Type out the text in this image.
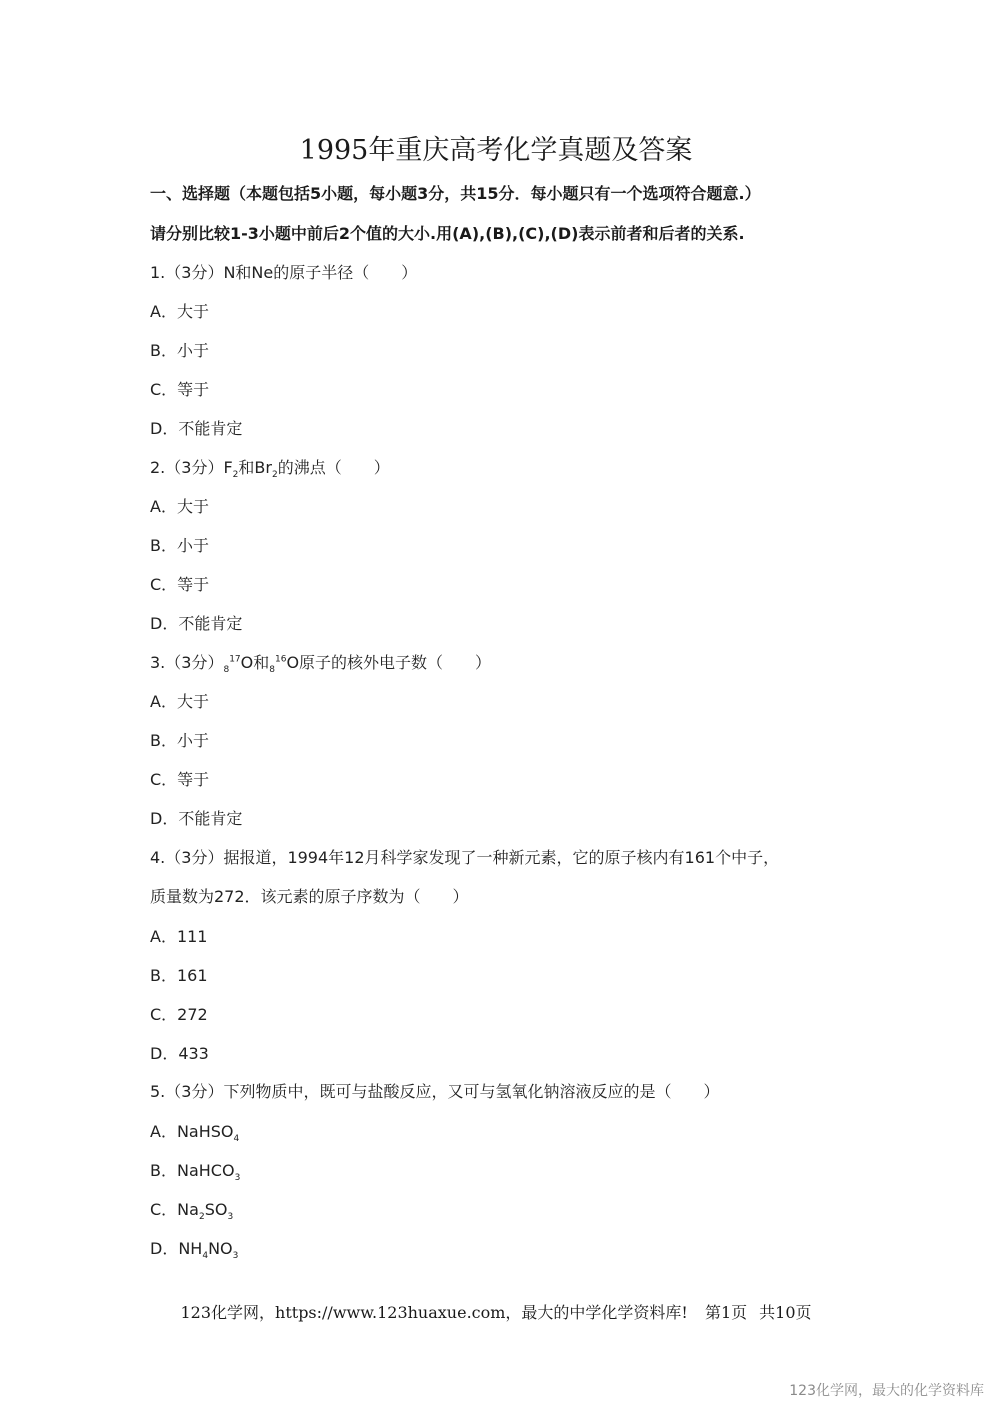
1995年重庆高考化学真题及答案
一、选择题（本题包括5小题，每小题3分，共15分．每小题只有一个选项符合题意.）
请分别比较1-3小题中前后2个值的大小.用(A),(B),(C),(D)表示前者和后者的关系.
1.（3分）N和Ne的原子半径（　　）
A．大于
B．小于
C．等于
D．不能肯定
2.（3分）$F_2$和$Br_2$的沸点（　　）
A．大于
B．小于
C．等于
D．不能肯定
3.（3分）$_8^{17}O$和$_8^{16}$O原子的核外电子数（　　）
A．大于
B．小于
C．等于
D．不能肯定
4.（3分）据报道，1994年12月科学家发现了一种新元素，它的原子核内有161个中子，
质量数为272．该元素的原子序数为（　　）
A．111
B．161
C．272
D．433
5.（3分）下列物质中，既可与盐酸反应，又可与氢氧化钠溶液反应的是（　　）
A．NaHSO$_4$
B．NaHCO$_3$
C．$Na_2SO_3$
D．$NH_4NO_3$
123化学网，https://www.123huaxue.com，最大的中学化学资料库! 第1页 共10页
123化学网，最大的化学资料库
